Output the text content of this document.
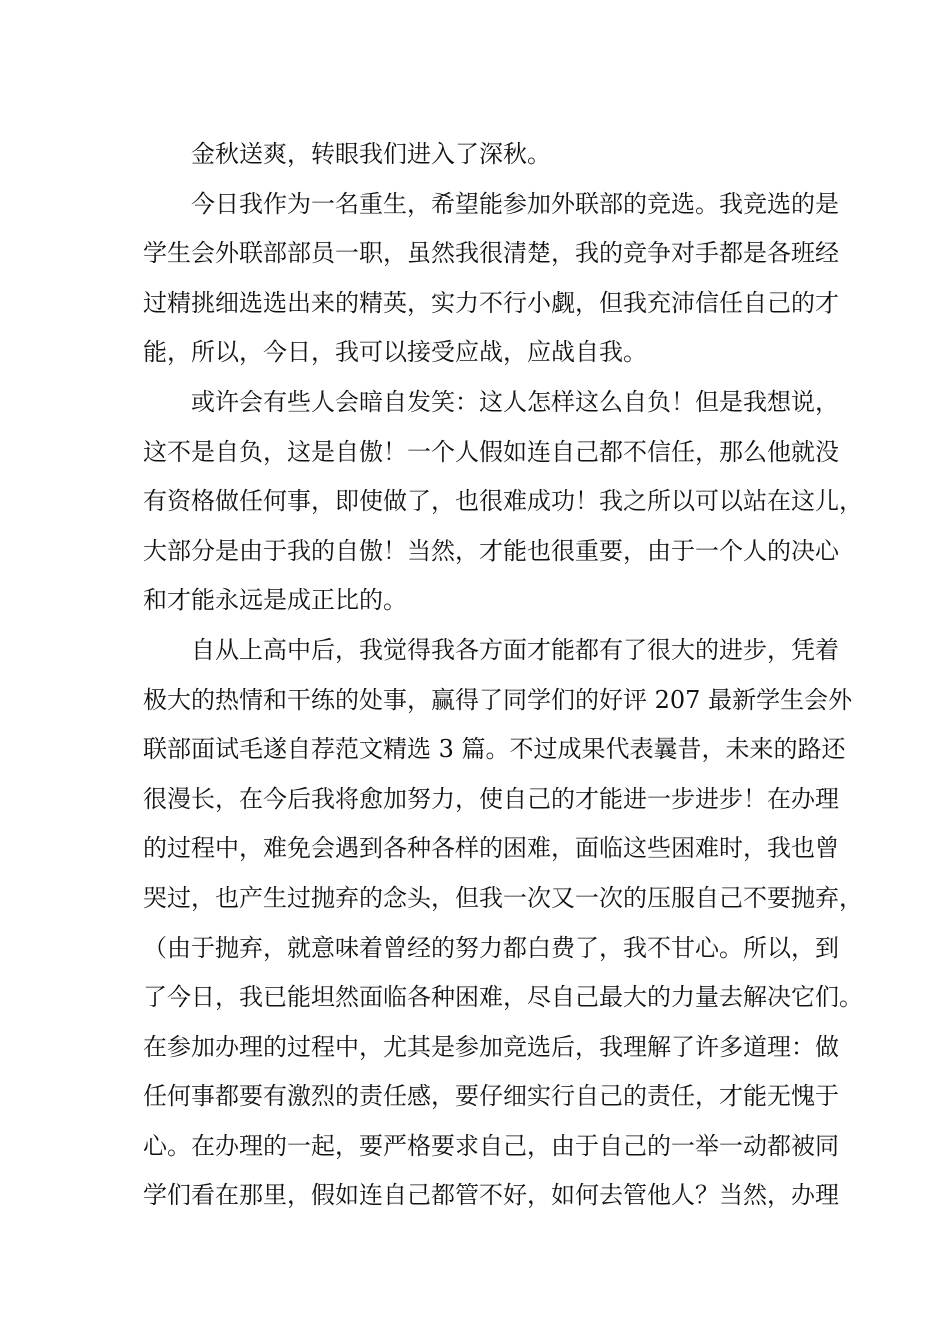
金秋送爽，转眼我们进入了深秋。
今日我作为一名重生，希望能参加外联部的竞选。我竞选的是
学生会外联部部员一职，虽然我很清楚，我的竞争对手都是各班经
过精挑细选选出来的精英，实力不行小觑，但我充沛信任自己的才
能，所以，今日，我可以接受应战，应战自我。
或许会有些人会暗自发笑：这人怎样这么自负！但是我想说，
这不是自负，这是自傲！一个人假如连自己都不信任，那么他就没
有资格做任何事，即使做了，也很难成功！我之所以可以站在这儿，
大部分是由于我的自傲！当然，才能也很重要，由于一个人的决心
和才能永远是成正比的。
自从上高中后，我觉得我各方面才能都有了很大的进步，凭着
极大的热情和干练的处事，赢得了同学们的好评 207 最新学生会外
联部面试毛遂自荐范文精选 3 篇。不过成果代表曩昔，未来的路还
很漫长，在今后我将愈加努力，使自己的才能进一步进步！在办理
的过程中，难免会遇到各种各样的困难，面临这些困难时，我也曾
哭过，也产生过抛弃的念头，但我一次又一次的压服自己不要抛弃，
（由于抛弃，就意味着曾经的努力都白费了，我不甘心。所以，到
了今日，我已能坦然面临各种困难，尽自己最大的力量去解决它们。
在参加办理的过程中，尤其是参加竞选后，我理解了许多道理：做
任何事都要有激烈的责任感，要仔细实行自己的责任，才能无愧于
心。在办理的一起，要严格要求自己，由于自己的一举一动都被同
学们看在那里，假如连自己都管不好，如何去管他人？当然，办理
